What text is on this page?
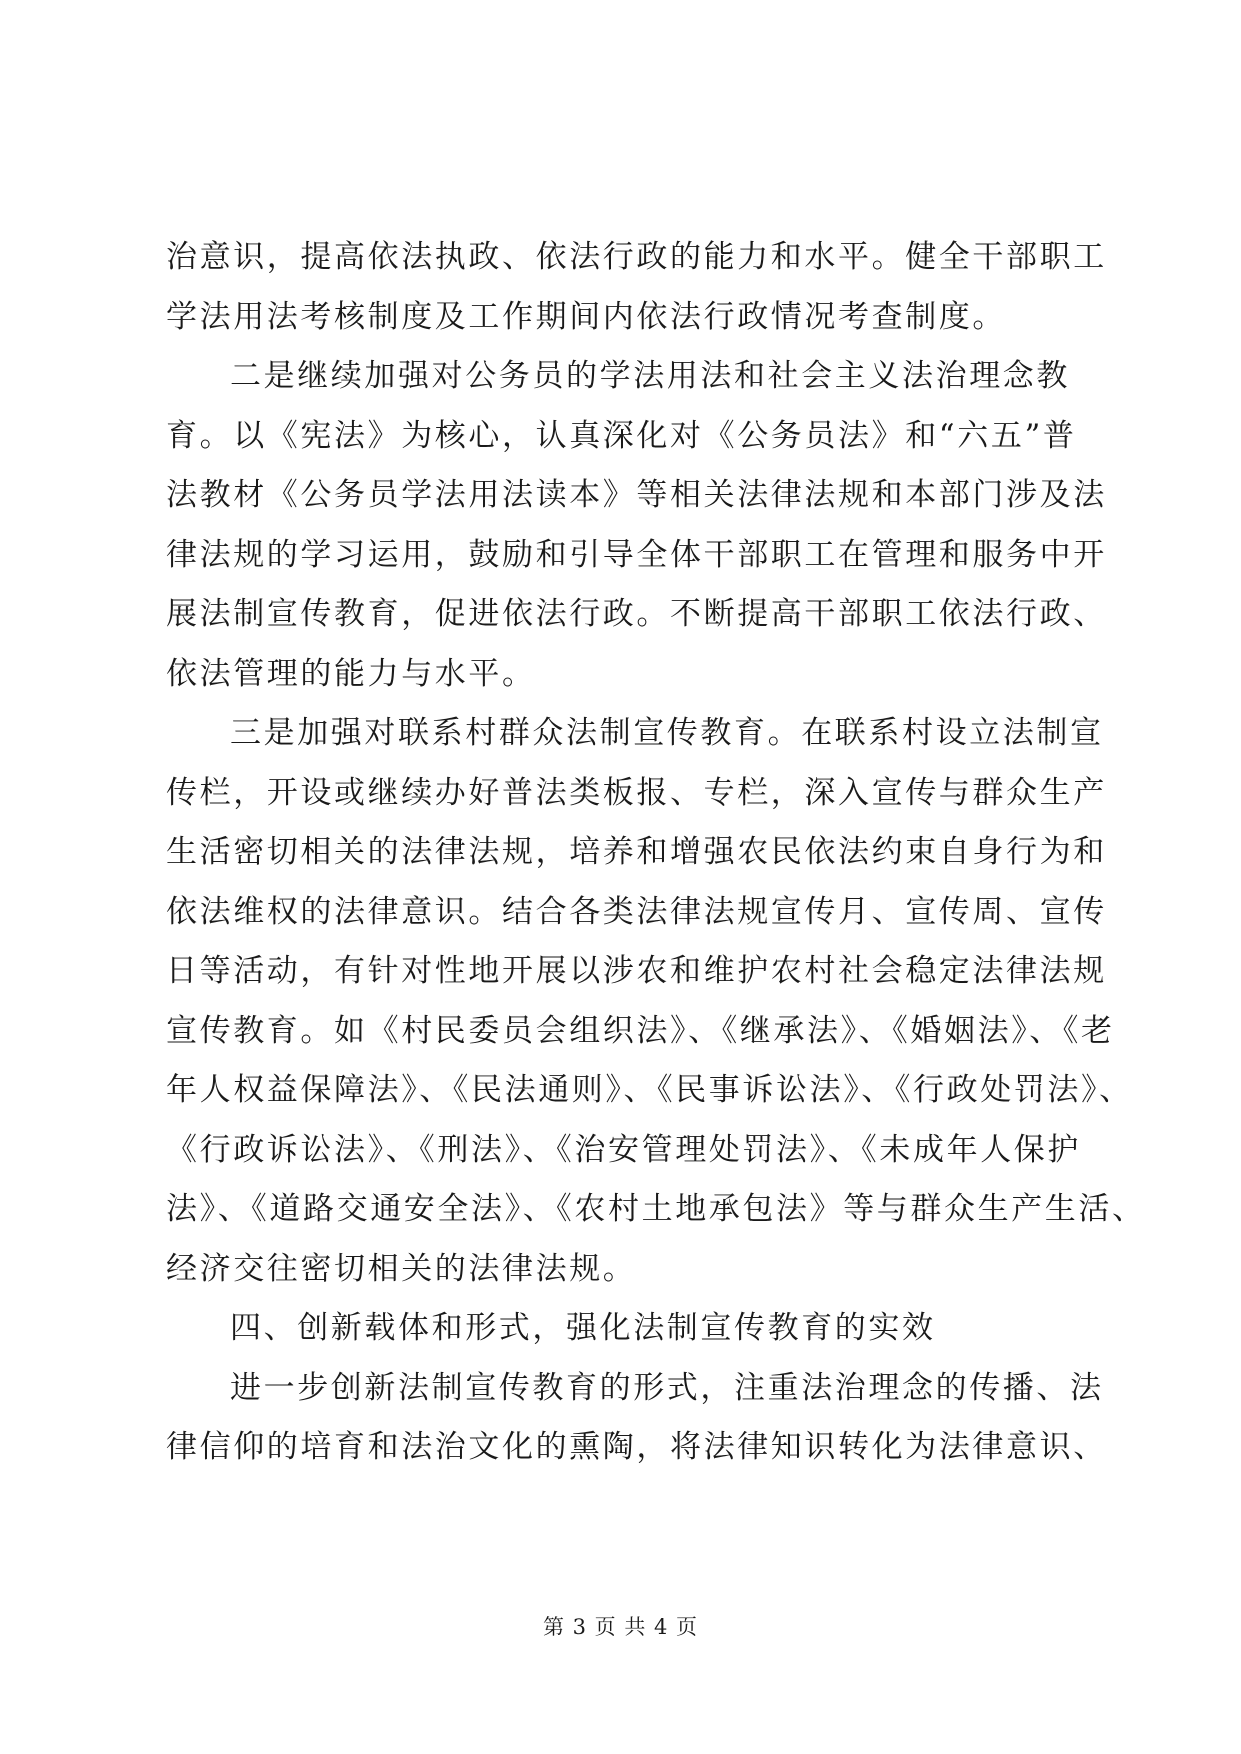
治意识，提高依法执政、依法行政的能力和水平。健全干部职工
学法用法考核制度及工作期间内依法行政情况考查制度。
二是继续加强对公务员的学法用法和社会主义法治理念教
育。以《宪法》为核心，认真深化对《公务员法》和“六五”普
法教材《公务员学法用法读本》等相关法律法规和本部门涉及法
律法规的学习运用，鼓励和引导全体干部职工在管理和服务中开
展法制宣传教育，促进依法行政。不断提高干部职工依法行政、
依法管理的能力与水平。
三是加强对联系村群众法制宣传教育。在联系村设立法制宣
传栏，开设或继续办好普法类板报、专栏，深入宣传与群众生产
生活密切相关的法律法规，培养和增强农民依法约束自身行为和
依法维权的法律意识。结合各类法律法规宣传月、宣传周、宣传
日等活动，有针对性地开展以涉农和维护农村社会稳定法律法规
宣传教育。如《村民委员会组织法》、《继承法》、《婚姻法》、《老
年人权益保障法》、《民法通则》、《民事诉讼法》、《行政处罚法》、
《行政诉讼法》、《刑法》、《治安管理处罚法》、《未成年人保护
法》、《道路交通安全法》、《农村土地承包法》等与群众生产生活、
经济交往密切相关的法律法规。
四、创新载体和形式，强化法制宣传教育的实效
进一步创新法制宣传教育的形式，注重法治理念的传播、法
律信仰的培育和法治文化的熏陶，将法律知识转化为法律意识、
第 3 页 共 4 页
